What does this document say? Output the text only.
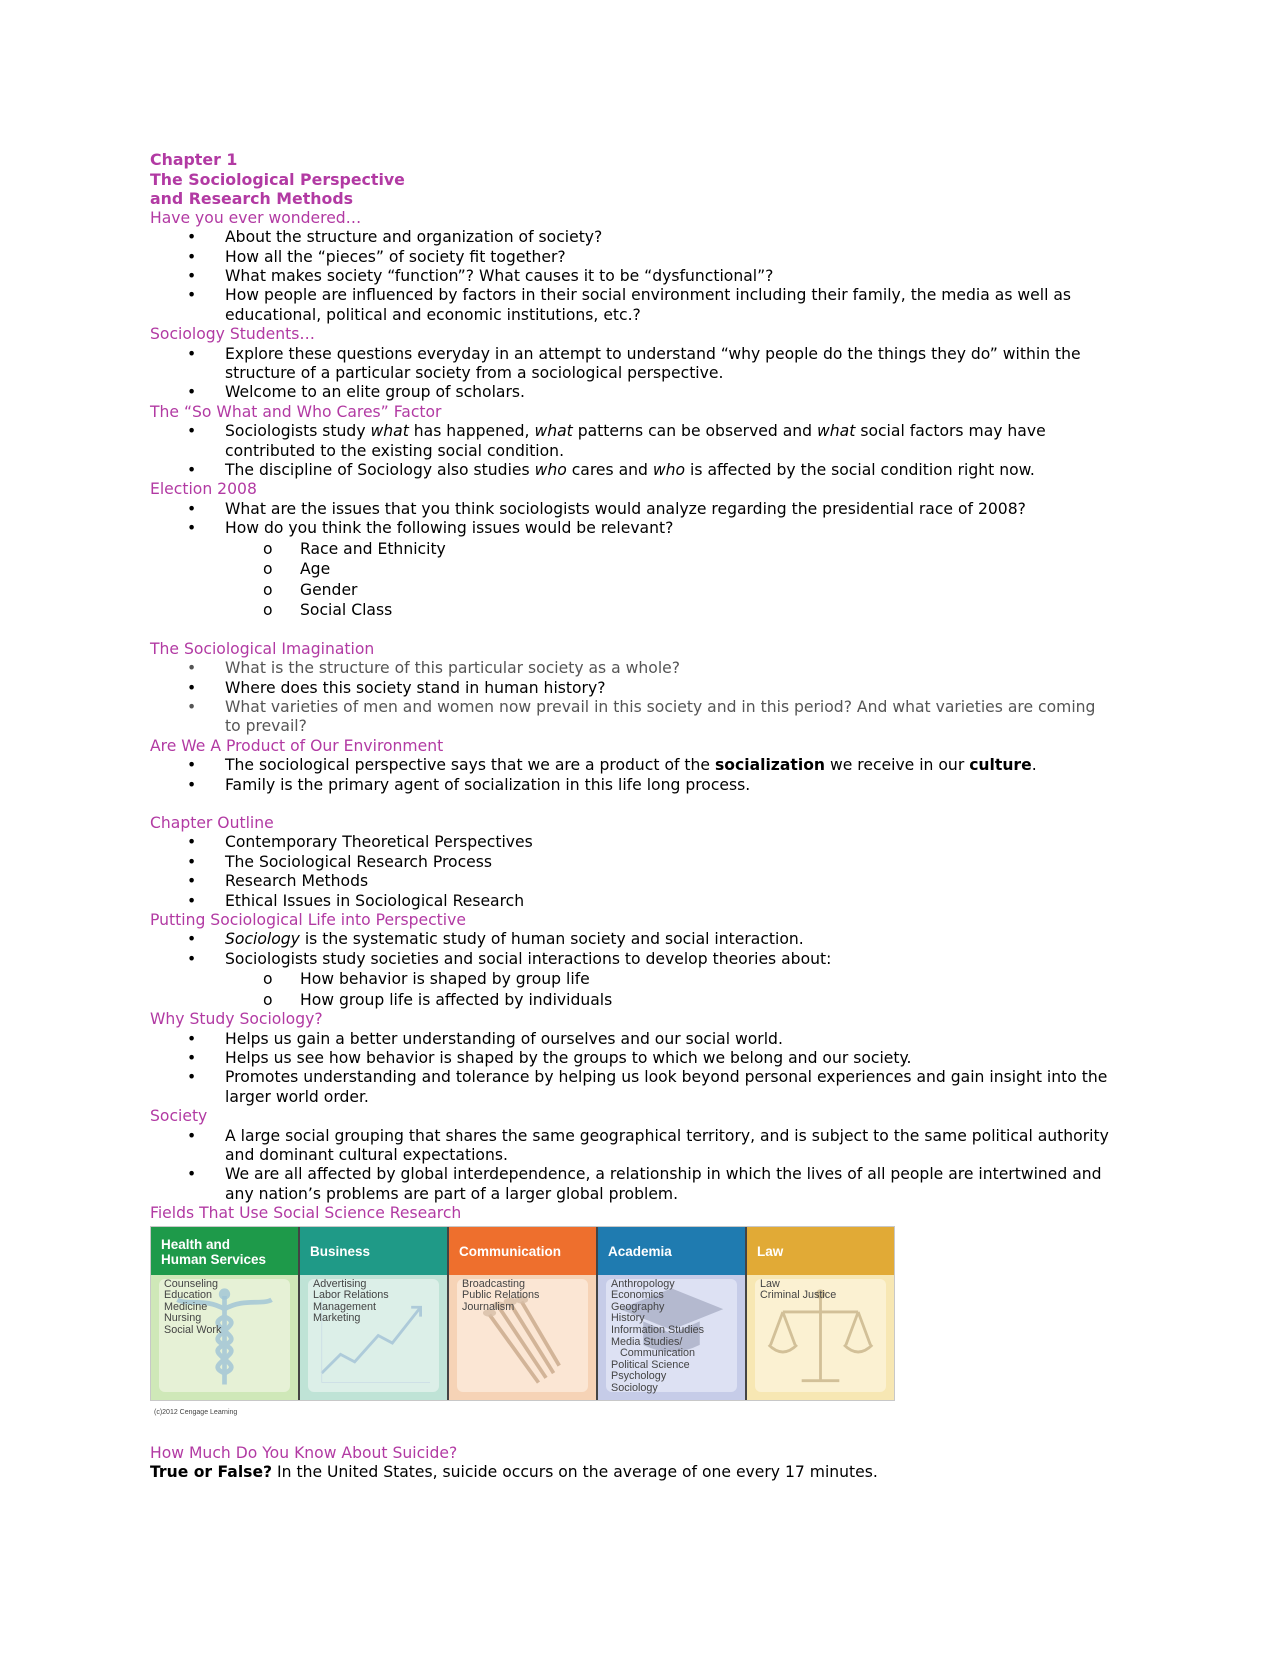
Chapter 1
The Sociological Perspective
and Research Methods
Have you ever wondered…
• About the structure and organization of society?
• How all the “pieces” of society fit together?
• What makes society “function”? What causes it to be “dysfunctional”?
• How people are influenced by factors in their social environment including their family, the media as well as educational, political and economic institutions, etc.?
Sociology Students…
• Explore these questions everyday in an attempt to understand “why people do the things they do” within the structure of a particular society from a sociological perspective.
• Welcome to an elite group of scholars.
The “So What and Who Cares” Factor
• Sociologists study what has happened, what patterns can be observed and what social factors may have contributed to the existing social condition.
• The discipline of Sociology also studies who cares and who is affected by the social condition right now.
Election 2008
• What are the issues that you think sociologists would analyze regarding the presidential race of 2008?
• How do you think the following issues would be relevant?
o Race and Ethnicity
o Age
o Gender
o Social Class
The Sociological Imagination
• What is the structure of this particular society as a whole?
• Where does this society stand in human history?
• What varieties of men and women now prevail in this society and in this period? And what varieties are coming to prevail?
Are We A Product of Our Environment
• The sociological perspective says that we are a product of the socialization we receive in our culture.
• Family is the primary agent of socialization in this life long process.
Chapter Outline
• Contemporary Theoretical Perspectives
• The Sociological Research Process
• Research Methods
• Ethical Issues in Sociological Research
Putting Sociological Life into Perspective
• Sociology is the systematic study of human society and social interaction.
• Sociologists study societies and social interactions to develop theories about:
o How behavior is shaped by group life
o How group life is affected by individuals
Why Study Sociology?
• Helps us gain a better understanding of ourselves and our social world.
• Helps us see how behavior is shaped by the groups to which we belong and our society.
• Promotes understanding and tolerance by helping us look beyond personal experiences and gain insight into the larger world order.
Society
• A large social grouping that shares the same geographical territory, and is subject to the same political authority and dominant cultural expectations.
• We are all affected by global interdependence, a relationship in which the lives of all people are intertwined and any nation’s problems are part of a larger global problem.
Fields That Use Social Science Research
Health and
Human Services
Counseling
Education
Medicine
Nursing
Social Work
Business
Advertising
Labor Relations
Management
Marketing
Communication
Broadcasting
Public Relations
Journalism
Academia
Anthropology
Economics
Geography
History
Information Studies
Media Studies/
Communication
Political Science
Psychology
Sociology
Law
Law
Criminal Justice
(c)2012 Cengage Learning
How Much Do You Know About Suicide?
True or False? In the United States, suicide occurs on the average of one every 17 minutes.
